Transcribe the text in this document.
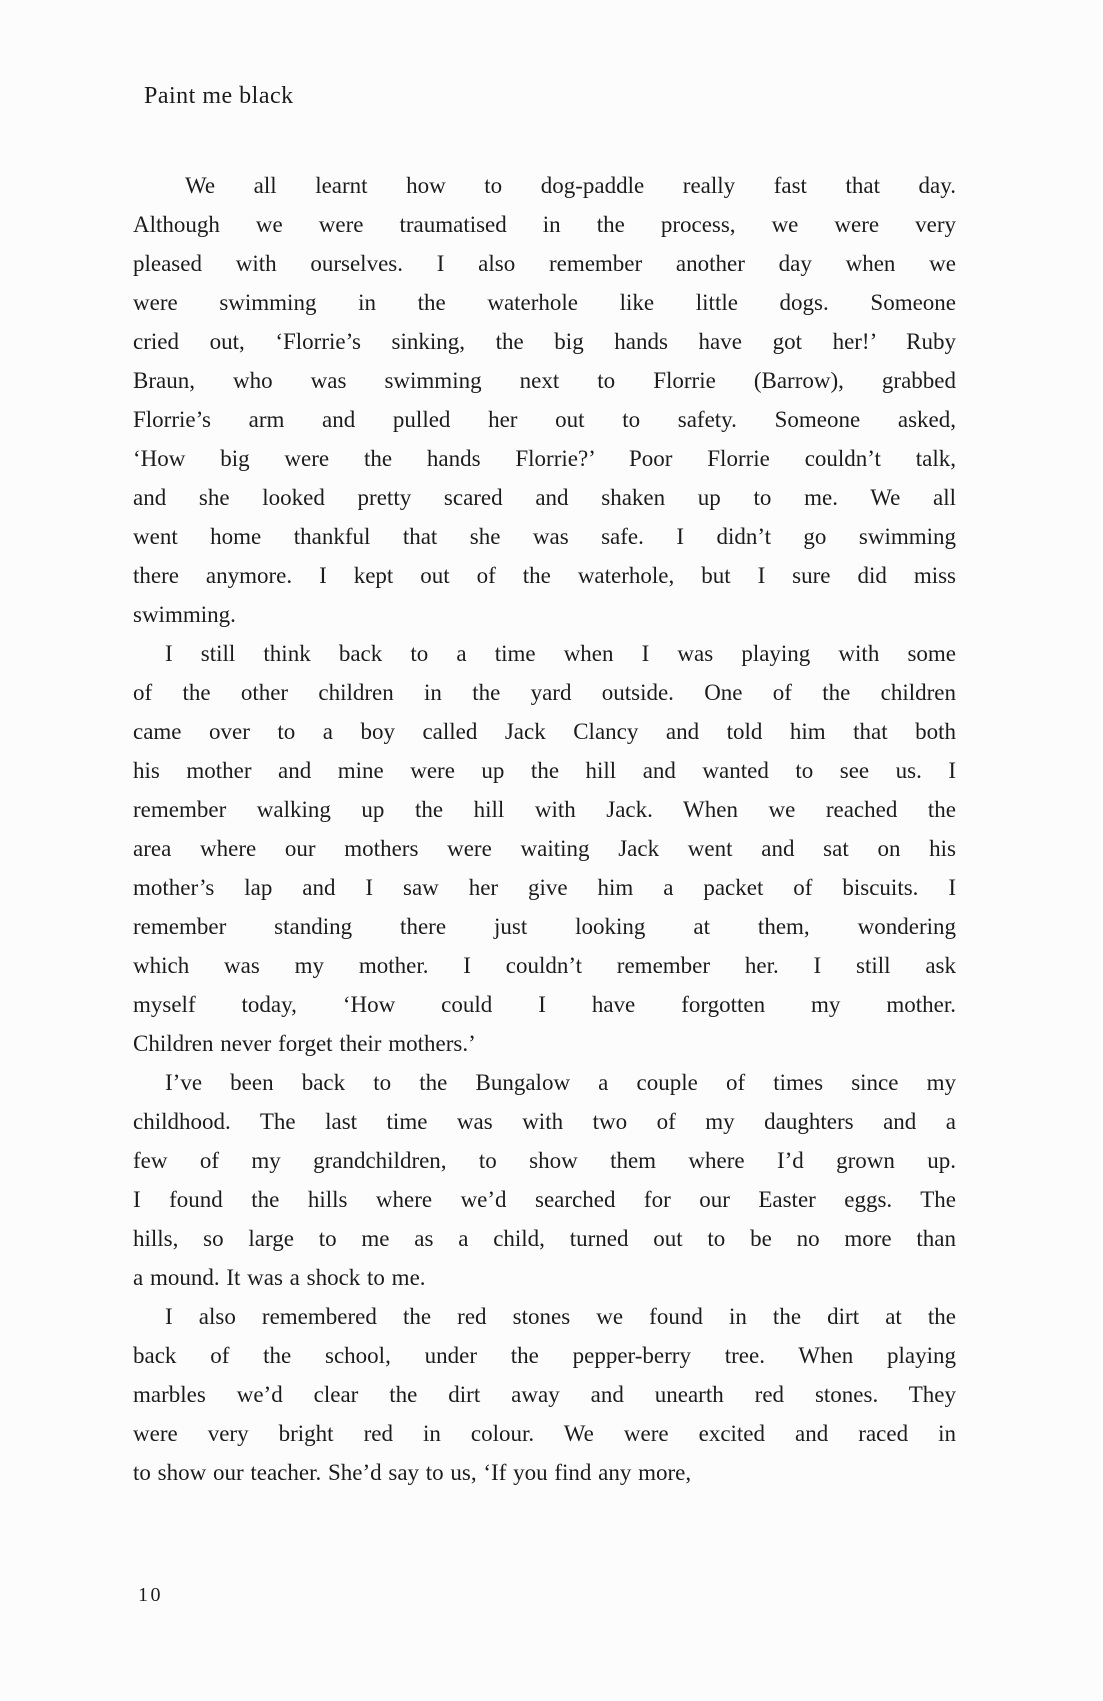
Paint me black
We all learnt how to dog-paddle really fast that day.
Although we were traumatised in the process, we were very
pleased with ourselves. I also remember another day when we
were swimming in the waterhole like little dogs. Someone
cried out, ‘Florrie’s sinking, the big hands have got her!’ Ruby
Braun, who was swimming next to Florrie (Barrow), grabbed
Florrie’s arm and pulled her out to safety. Someone asked,
‘How big were the hands Florrie?’ Poor Florrie couldn’t talk,
and she looked pretty scared and shaken up to me. We all
went home thankful that she was safe. I didn’t go swimming
there anymore. I kept out of the waterhole, but I sure did miss
swimming.
I still think back to a time when I was playing with some
of the other children in the yard outside. One of the children
came over to a boy called Jack Clancy and told him that both
his mother and mine were up the hill and wanted to see us. I
remember walking up the hill with Jack. When we reached the
area where our mothers were waiting Jack went and sat on his
mother’s lap and I saw her give him a packet of biscuits. I
remember standing there just looking at them, wondering
which was my mother. I couldn’t remember her. I still ask
myself today, ‘How could I have forgotten my mother.
Children never forget their mothers.’
I’ve been back to the Bungalow a couple of times since my
childhood. The last time was with two of my daughters and a
few of my grandchildren, to show them where I’d grown up.
I found the hills where we’d searched for our Easter eggs. The
hills, so large to me as a child, turned out to be no more than
a mound. It was a shock to me.
I also remembered the red stones we found in the dirt at the
back of the school, under the pepper-berry tree. When playing
marbles we’d clear the dirt away and unearth red stones. They
were very bright red in colour. We were excited and raced in
to show our teacher. She’d say to us, ‘If you find any more,
10
